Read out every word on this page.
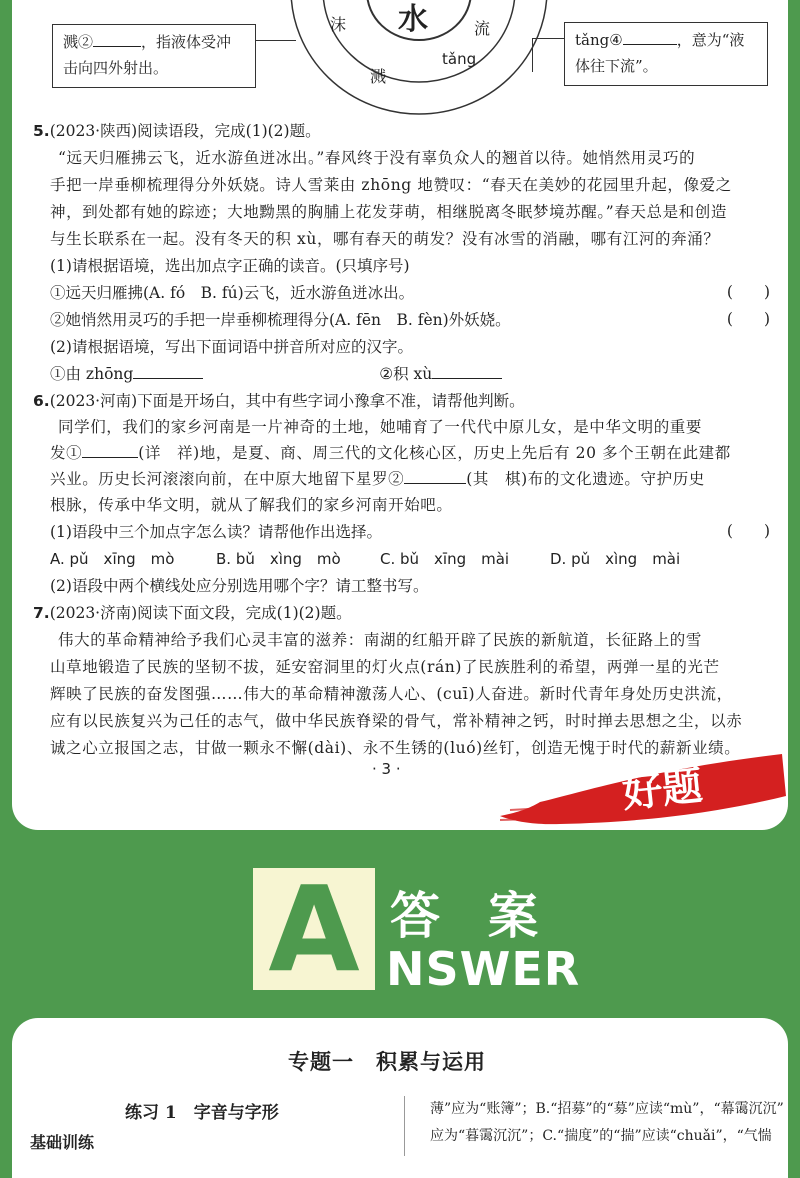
水
沫	流
溅
tǎng
溅②	，指液体受冲
击向四外射出。
tǎng④	，意为“液
体往下流”。
5.(2023·陕西)阅读语段，完成(1)(2)题。
“远天归雁拂云飞，近水游鱼迸冰出。”春风终于没有辜负众人的翘首以待。她悄然用灵巧的
手把一岸垂柳梳理得分外妖娆。诗人雪莱由 zhōng 地赞叹：“春天在美妙的花园里升起，像爱之
神，到处都有她的踪迹；大地黝黑的胸脯上花发芽萌，相继脱离冬眠梦境苏醒。”春天总是和创造
与生长联系在一起。没有冬天的积 xù，哪有春天的萌发？没有冰雪的消融，哪有江河的奔涌？
(1)请根据语境，选出加点字正确的读音。(只填序号)
①远天归雁拂(A. fó　B. fú)云飞，近水游鱼迸冰出。	(　　)
②她悄然用灵巧的手把一岸垂柳梳理得分(A. fēn　B. fèn)外妖娆。	(　　)
(2)请根据语境，写出下面词语中拼音所对应的汉字。
①由 zhōng	②积 xù
6.(2023·河南)下面是开场白，其中有些字词小豫拿不准，请帮他判断。
同学们，我们的家乡河南是一片神奇的土地，她哺育了一代代中原儿女，是中华文明的重要
发①	(详　祥)地，是夏、商、周三代的文化核心区，历史上先后有 20 多个王朝在此建都
兴业。历史长河滚滚向前，在中原大地留下星罗②	(其　棋)布的文化遗迹。守护历史
根脉，传承中华文明，就从了解我们的家乡河南开始吧。
(1)语段中三个加点字怎么读？请帮他作出选择。	(　　)
A. pǔ　xīng　mò	B. bǔ　xìng　mò	C. bǔ　xīng　mài	D. pǔ　xìng　mài
(2)语段中两个横线处应分别选用哪个字？请工整书写。
7.(2023·济南)阅读下面文段，完成(1)(2)题。
伟大的革命精神给予我们心灵丰富的滋养：南湖的红船开辟了民族的新航道，长征路上的雪
山草地锻造了民族的坚韧不拔，延安窑洞里的灯火点(rán)了民族胜利的希望，两弹一星的光芒
辉映了民族的奋发图强……伟大的革命精神激荡人心、(cuī)人奋进。新时代青年身处历史洪流，
应有以民族复兴为己任的志气，做中华民族脊梁的骨气，常补精神之钙，时时掸去思想之尘，以赤
诚之心立报国之志，甘做一颗永不懈(dài)、永不生锈的(luó)丝钉，创造无愧于时代的薪新业绩。
· 3 ·	好题
A 答案
NSWER
专题一　积累与运用
练习 1　字音与字形
基础训练
薄”应为“账簿”；B.“招募”的“募”应读“mù”，“幕霭沉沉”
应为“暮霭沉沉”；C.“揣度”的“揣”应读“chuǎi”，“气惴
